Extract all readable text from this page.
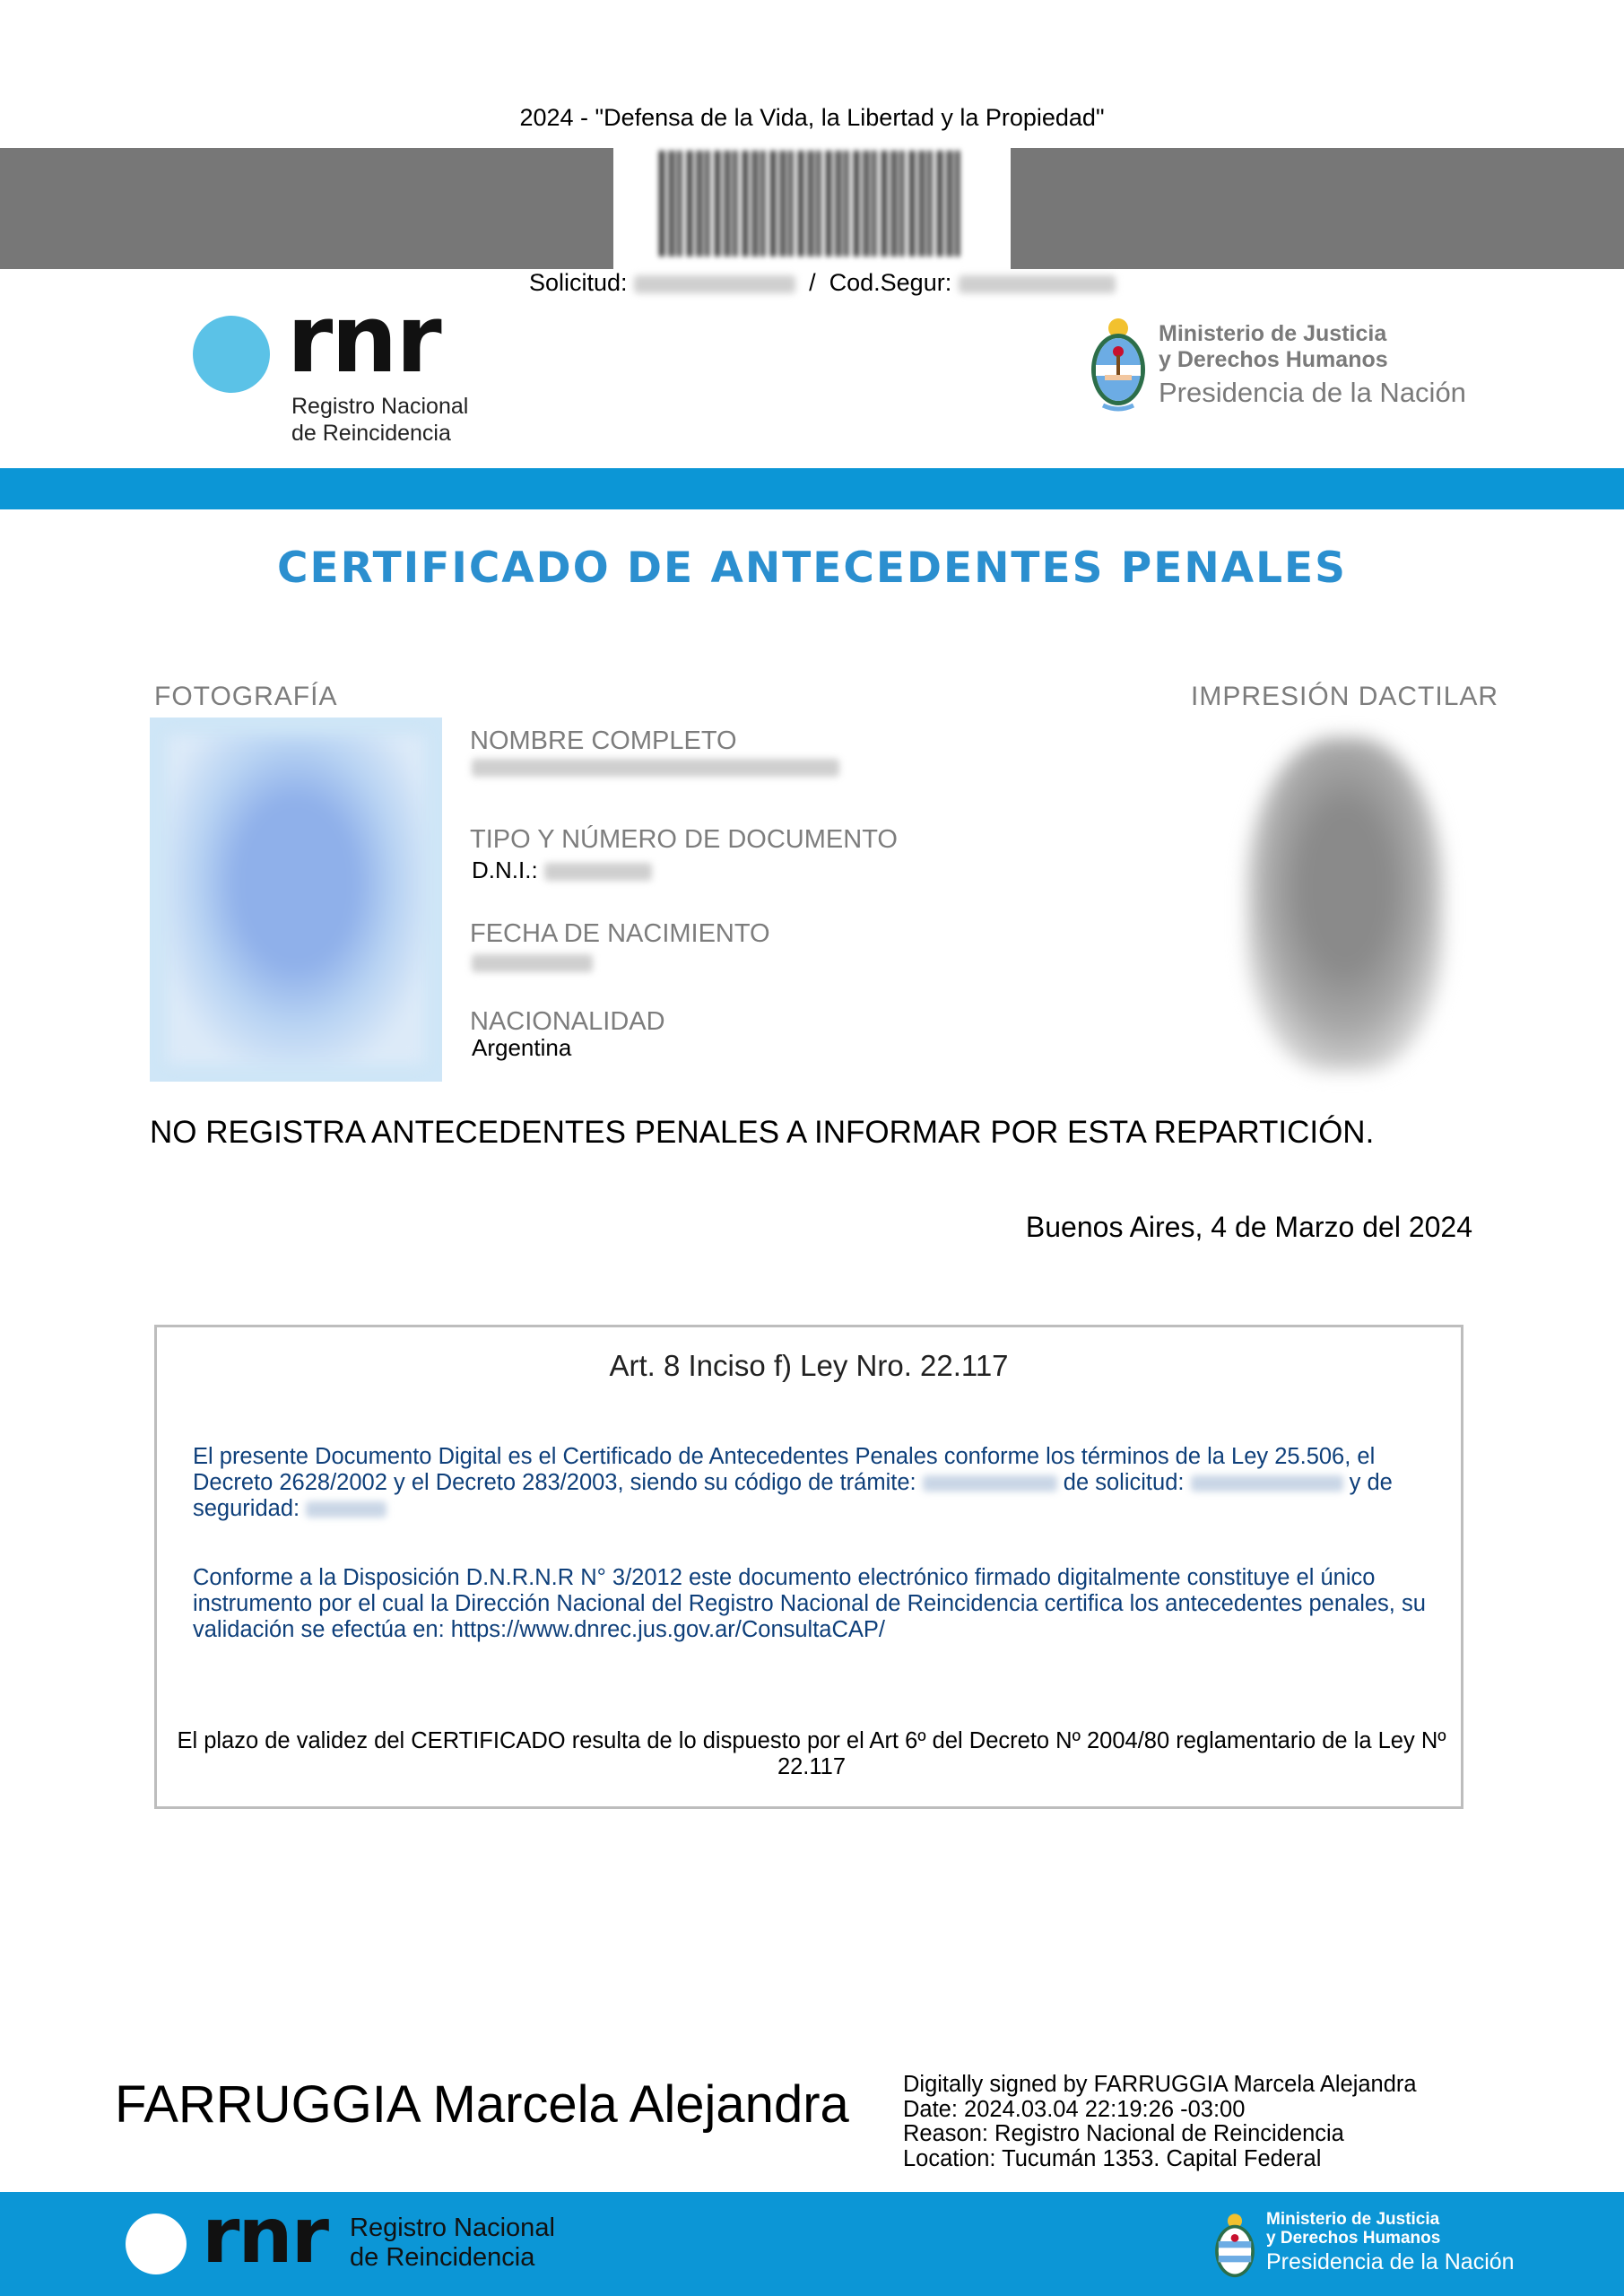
2024 - "Defensa de la Vida, la Libertad y la Propiedad"
Solicitud:	/ Cod.Segur:
rnr
Registro Nacional
de Reincidencia
Ministerio de Justicia
y Derechos Humanos
Presidencia de la Nación
CERTIFICADO DE ANTECEDENTES PENALES
FOTOGRAFÍA
NOMBRE COMPLETO
TIPO Y NÚMERO DE DOCUMENTO
D.N.I.:
FECHA DE NACIMIENTO
NACIONALIDAD
Argentina
IMPRESIÓN DACTILAR
NO REGISTRA ANTECEDENTES PENALES A INFORMAR POR ESTA REPARTICIÓN.
Buenos Aires, 4 de Marzo del 2024
Art. 8 Inciso f) Ley Nro. 22.117
El presente Documento Digital es el Certificado de Antecedentes Penales conforme los términos de la Ley 25.506, el Decreto 2628/2002 y el Decreto 283/2003, siendo su código de trámite:	de solicitud:	y de seguridad:
Conforme a la Disposición D.N.R.N.R N° 3/2012 este documento electrónico firmado digitalmente constituye el único instrumento por el cual la Dirección Nacional del Registro Nacional de Reincidencia certifica los antecedentes penales, su validación se efectúa en: https://www.dnrec.jus.gov.ar/ConsultaCAP/
El plazo de validez del CERTIFICADO resulta de lo dispuesto por el Art 6º del Decreto Nº 2004/80 reglamentario de la Ley Nº 22.117
FARRUGGIA Marcela Alejandra Digitally signed by FARRUGGIA Marcela Alejandra
Date: 2024.03.04 22:19:26 -03:00
Reason: Registro Nacional de Reincidencia
Location: Tucumán 1353. Capital Federal
rnr Registro Nacional
de Reincidencia
Ministerio de Justicia
y Derechos Humanos
Presidencia de la Nación
